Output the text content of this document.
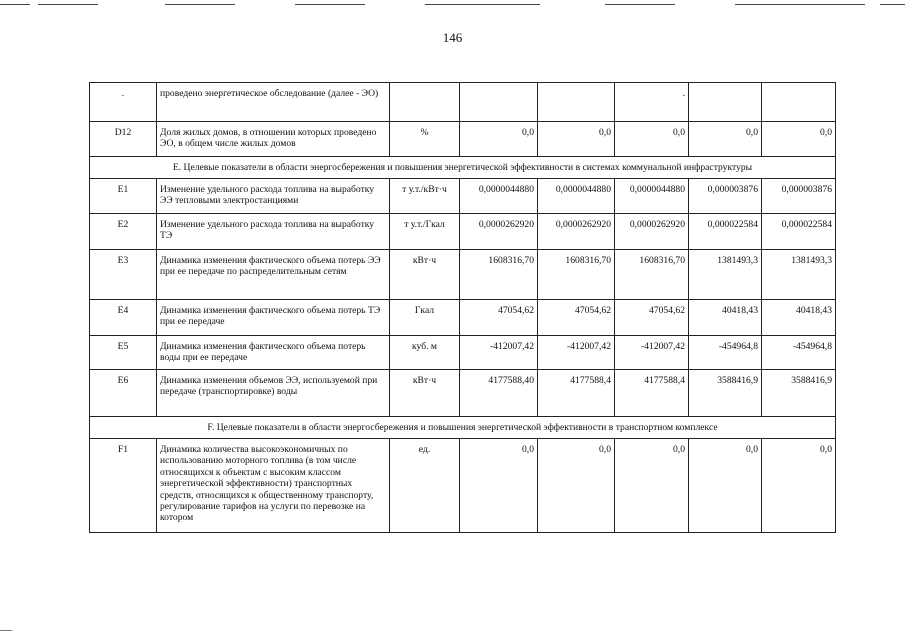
146
.	проведено энергетическое обследование (далее - ЭО)				.		
D12	Доля жилых домов, в отношении которых проведено ЭО, в общем числе жилых домов	%	0,0	0,0	0,0	0,0	0,0
E. Целевые показатели в области энергосбережения и повышения энергетической эффективности в системах коммунальной инфраструктуры							
E1	Изменение удельного расхода топлива на выработку ЭЭ тепловыми электростанциями	т у.т./кВт·ч	0,0000044880	0,0000044880	0,0000044880	0,000003876	0,000003876
E2	Изменение удельного расхода топлива на выработку ТЭ	т у.т./Гкал	0,0000262920	0,0000262920	0,0000262920	0,000022584	0,000022584
E3	Динамика изменения фактического объема потерь ЭЭ при ее передаче по распределительным сетям	кВт·ч	1608316,70	1608316,70	1608316,70	1381493,3	1381493,3
E4	Динамика изменения фактического объема потерь ТЭ при ее передаче	Гкал	47054,62	47054,62	47054,62	40418,43	40418,43
E5	Динамика изменения фактического объема потерь воды при ее передаче	куб. м	-412007,42	-412007,42	-412007,42	-454964,8	-454964,8
E6	Динамика изменения объемов ЭЭ, используемой при передаче (транспортировке) воды	кВт·ч	4177588,40	4177588,4	4177588,4	3588416,9	3588416,9
F. Целевые показатели в области энергосбережения и повышения энергетической эффективности в транспортном комплексе							
F1	Динамика количества высокоэкономичных по использованию моторного топлива (в том числе относящихся к объектам с высоким классом энергетической эффективности) транспортных средств, относящихся к общественному транспорту, регулирование тарифов на услуги по перевозке на котором	ед.	0,0	0,0	0,0	0,0	0,0
